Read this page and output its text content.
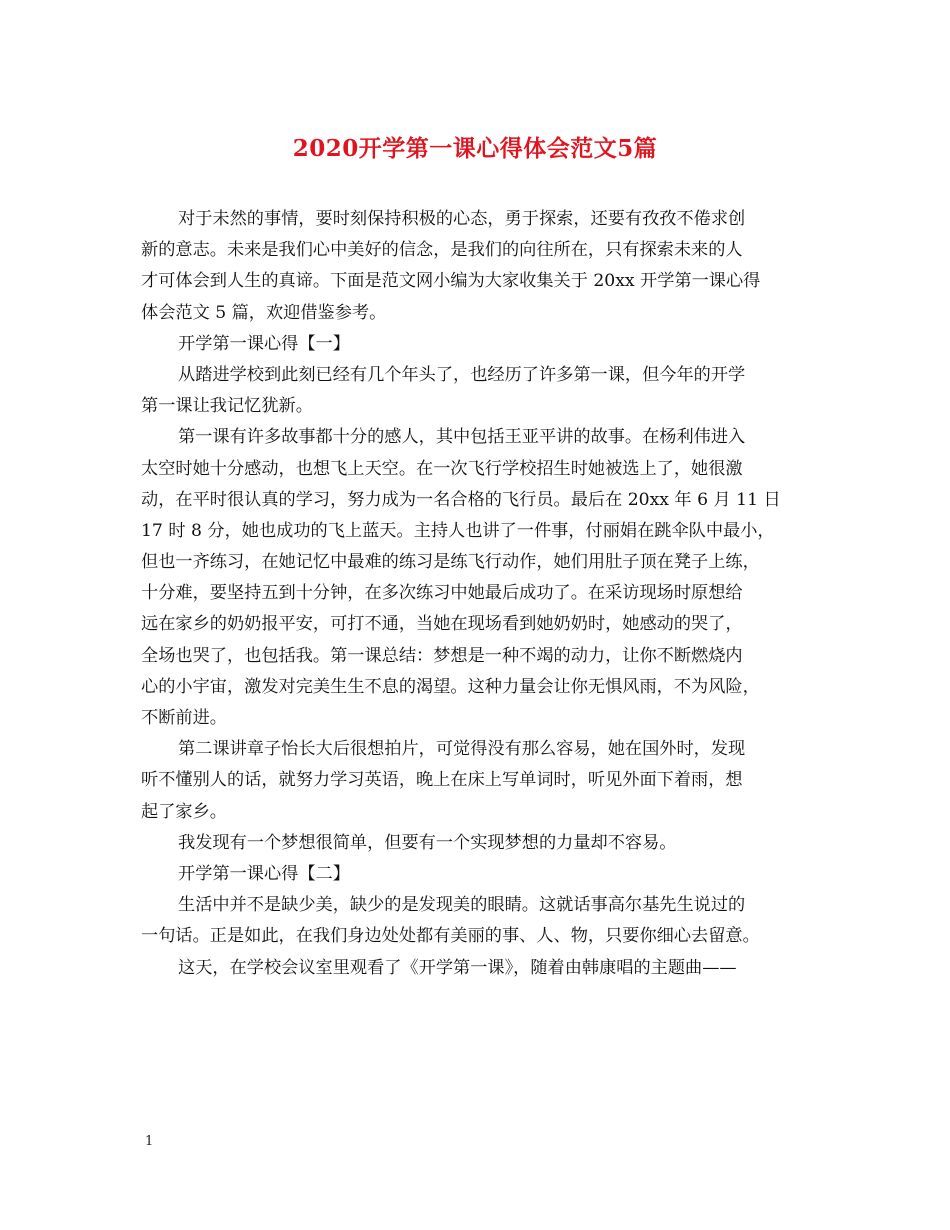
2020开学第一课心得体会范文5篇
对于未然的事情，要时刻保持积极的心态，勇于探索，还要有孜孜不倦求创
新的意志。未来是我们心中美好的信念，是我们的向往所在，只有探索未来的人
才可体会到人生的真谛。下面是范文网小编为大家收集关于 20xx 开学第一课心得
体会范文 5 篇，欢迎借鉴参考。
开学第一课心得【一】
从踏进学校到此刻已经有几个年头了，也经历了许多第一课，但今年的开学
第一课让我记忆犹新。
第一课有许多故事都十分的感人，其中包括王亚平讲的故事。在杨利伟进入
太空时她十分感动，也想飞上天空。在一次飞行学校招生时她被选上了，她很激
动，在平时很认真的学习，努力成为一名合格的飞行员。最后在 20xx 年 6 月 11 日
17 时 8 分，她也成功的飞上蓝天。主持人也讲了一件事，付丽娟在跳伞队中最小，
但也一齐练习，在她记忆中最难的练习是练飞行动作，她们用肚子顶在凳子上练，
十分难，要坚持五到十分钟，在多次练习中她最后成功了。在采访现场时原想给
远在家乡的奶奶报平安，可打不通，当她在现场看到她奶奶时，她感动的哭了，
全场也哭了，也包括我。第一课总结：梦想是一种不竭的动力，让你不断燃烧内
心的小宇宙，激发对完美生生不息的渴望。这种力量会让你无惧风雨，不为风险，
不断前进。
第二课讲章子怡长大后很想拍片，可觉得没有那么容易，她在国外时，发现
听不懂别人的话，就努力学习英语，晚上在床上写单词时，听见外面下着雨，想
起了家乡。
我发现有一个梦想很简单，但要有一个实现梦想的力量却不容易。
开学第一课心得【二】
生活中并不是缺少美，缺少的是发现美的眼睛。这就话事高尔基先生说过的
一句话。正是如此，在我们身边处处都有美丽的事、人、物，只要你细心去留意。
这天，在学校会议室里观看了《开学第一课》，随着由韩康唱的主题曲——
1
